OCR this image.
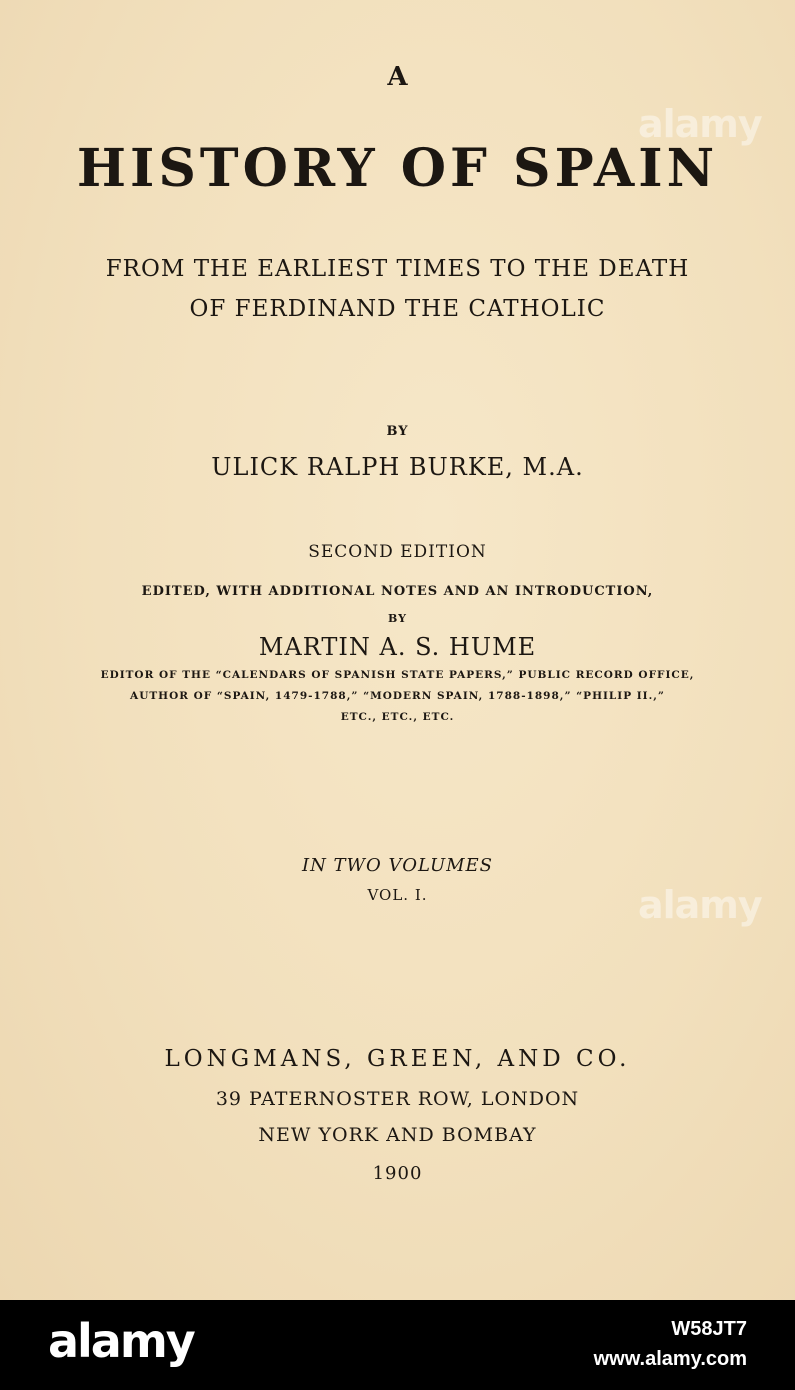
A
HISTORY OF SPAIN
FROM THE EARLIEST TIMES TO THE DEATH
OF FERDINAND THE CATHOLIC
BY
ULICK RALPH BURKE, M.A.
SECOND EDITION
EDITED, WITH ADDITIONAL NOTES AND AN INTRODUCTION,
BY
MARTIN A. S. HUME
EDITOR OF THE “CALENDARS OF SPANISH STATE PAPERS,” PUBLIC RECORD OFFICE,
AUTHOR OF “SPAIN, 1479-1788,” “MODERN SPAIN, 1788-1898,” “PHILIP II.,”
ETC., ETC., ETC.
IN TWO VOLUMES
VOL. I.
LONGMANS, GREEN, AND CO.
39 PATERNOSTER ROW, LONDON
NEW YORK AND BOMBAY
1900
alamy
alamy
alamy	W58JT7
www.alamy.com
